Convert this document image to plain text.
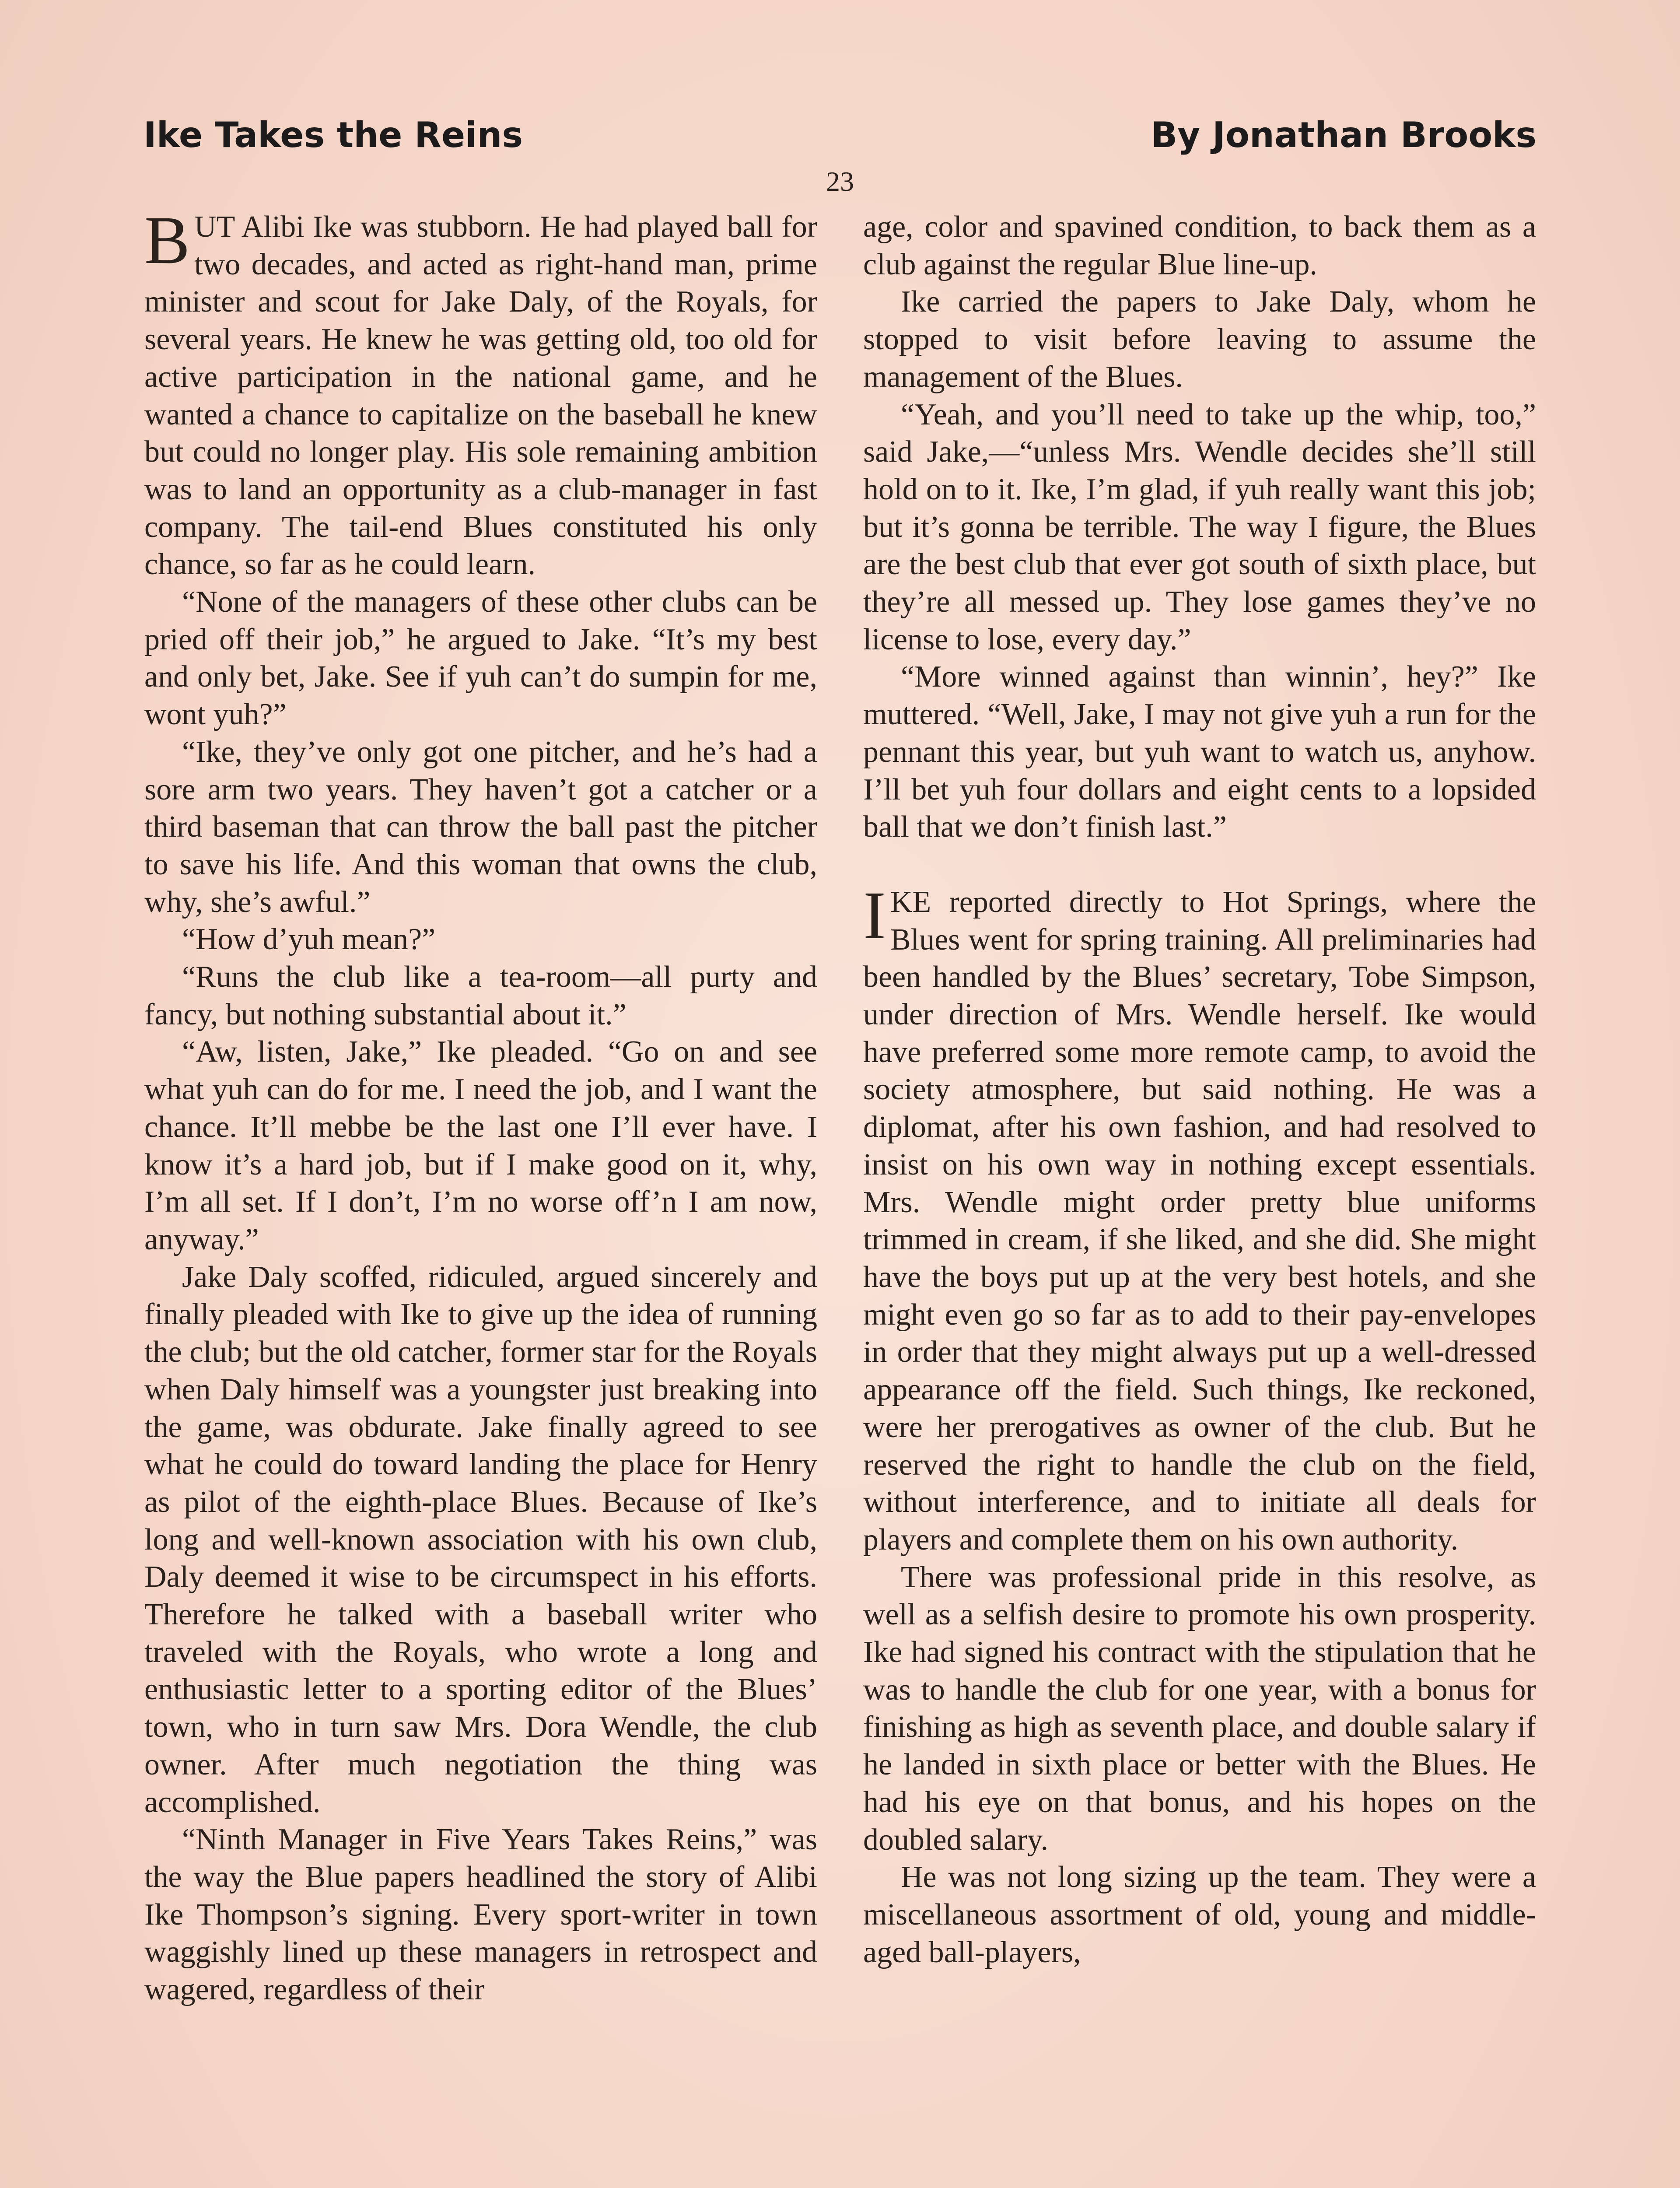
Ike Takes the Reins	By Jonathan Brooks
23

BUT Alibi Ike was stubborn. He had played ball for two decades, and acted as right-hand man, prime minister and scout for Jake Daly, of the Royals, for several years. He knew he was getting old, too old for active participation in the national game, and he wanted a chance to capitalize on the baseball he knew but could no longer play. His sole remaining ambition was to land an opportunity as a club-manager in fast company. The tail-end Blues constituted his only chance, so far as he could learn.

“None of the managers of these other clubs can be pried off their job,” he argued to Jake. “It’s my best and only bet, Jake. See if yuh can’t do sumpin for me, wont yuh?”

“Ike, they’ve only got one pitcher, and he’s had a sore arm two years. They haven’t got a catcher or a third baseman that can throw the ball past the pitcher to save his life. And this woman that owns the club, why, she’s awful.”

“How d’yuh mean?”

“Runs the club like a tea-room—all purty and fancy, but nothing substantial about it.”

“Aw, listen, Jake,” Ike pleaded. “Go on and see what yuh can do for me. I need the job, and I want the chance. It’ll mebbe be the last one I’ll ever have. I know it’s a hard job, but if I make good on it, why, I’m all set. If I don’t, I’m no worse off’n I am now, anyway.”

Jake Daly scoffed, ridiculed, argued sincerely and finally pleaded with Ike to give up the idea of running the club; but the old catcher, former star for the Royals when Daly himself was a youngster just breaking into the game, was obdurate. Jake finally agreed to see what he could do toward landing the place for Henry as pilot of the eighth-place Blues. Because of Ike’s long and well-known association with his own club, Daly deemed it wise to be circumspect in his efforts. Therefore he talked with a baseball writer who traveled with the Royals, who wrote a long and enthusiastic letter to a sporting editor of the Blues’ town, who in turn saw Mrs. Dora Wendle, the club owner. After much negotiation the thing was accomplished.

“Ninth Manager in Five Years Takes Reins,” was the way the Blue papers headlined the story of Alibi Ike Thompson’s signing. Every sport-writer in town waggishly lined up these managers in retrospect and wagered, regardless of their

age, color and spavined condition, to back them as a club against the regular Blue line-up.

Ike carried the papers to Jake Daly, whom he stopped to visit before leaving to assume the management of the Blues.

“Yeah, and you’ll need to take up the whip, too,” said Jake,—“unless Mrs. Wendle decides she’ll still hold on to it. Ike, I’m glad, if yuh really want this job; but it’s gonna be terrible. The way I figure, the Blues are the best club that ever got south of sixth place, but they’re all messed up. They lose games they’ve no license to lose, every day.”

“More winned against than winnin’, hey?” Ike muttered. “Well, Jake, I may not give yuh a run for the pennant this year, but yuh want to watch us, anyhow. I’ll bet yuh four dollars and eight cents to a lopsided ball that we don’t finish last.”

IKE reported directly to Hot Springs, where the Blues went for spring training. All preliminaries had been handled by the Blues’ secretary, Tobe Simpson, under direction of Mrs. Wendle herself. Ike would have preferred some more remote camp, to avoid the society atmosphere, but said nothing. He was a diplomat, after his own fashion, and had resolved to insist on his own way in nothing except essentials. Mrs. Wendle might order pretty blue uniforms trimmed in cream, if she liked, and she did. She might have the boys put up at the very best hotels, and she might even go so far as to add to their pay-envelopes in order that they might always put up a well-dressed appearance off the field. Such things, Ike reckoned, were her prerogatives as owner of the club. But he reserved the right to handle the club on the field, without interference, and to initiate all deals for players and complete them on his own authority.

There was professional pride in this resolve, as well as a selfish desire to promote his own prosperity. Ike had signed his contract with the stipulation that he was to handle the club for one year, with a bonus for finishing as high as seventh place, and double salary if he landed in sixth place or better with the Blues. He had his eye on that bonus, and his hopes on the doubled salary.

He was not long sizing up the team. They were a miscellaneous assortment of old, young and middle-aged ball-players,
